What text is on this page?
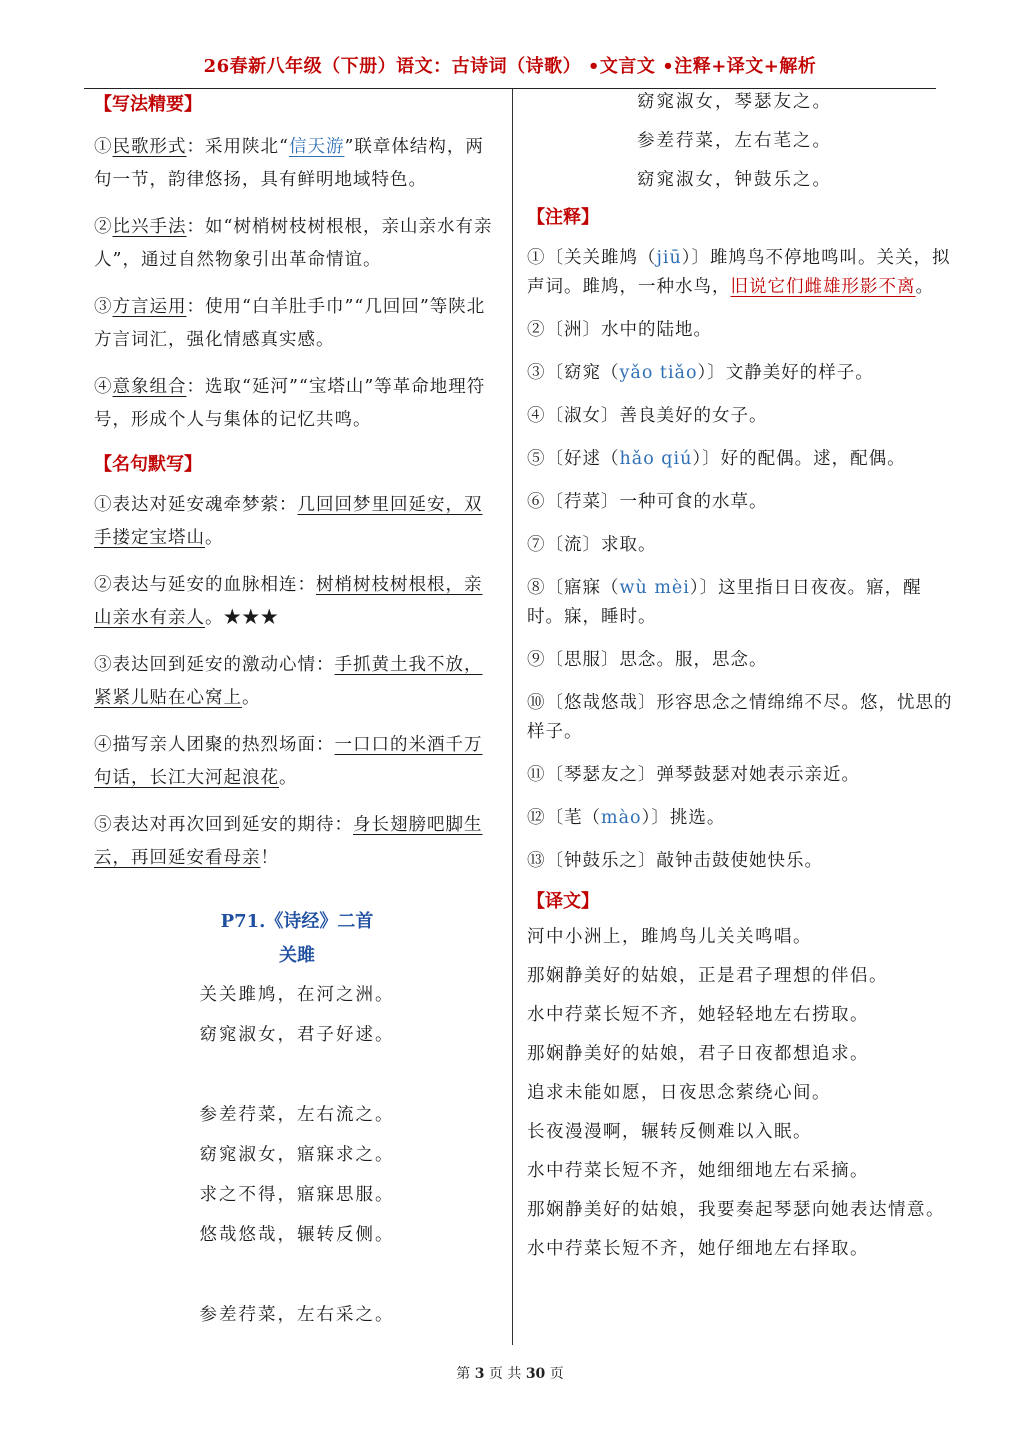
26春新八年级（下册）语文：古诗词（诗歌） •文言文 •注释+译文+解析

【写法精要】

①民歌形式：采用陕北“信天游”联章体结构，两句一节，韵律悠扬，具有鲜明地域特色。

②比兴手法：如“树梢树枝树根根，亲山亲水有亲人”，通过自然物象引出革命情谊。

③方言运用：使用“白羊肚手巾”“几回回”等陕北方言词汇，强化情感真实感。

④意象组合：选取“延河”“宝塔山”等革命地理符号，形成个人与集体的记忆共鸣。

【名句默写】

①表达对延安魂牵梦萦：几回回梦里回延安，双手搂定宝塔山。

②表达与延安的血脉相连：树梢树枝树根根，亲山亲水有亲人。★★★

③表达回到延安的激动心情：手抓黄土我不放，紧紧儿贴在心窝上。

④描写亲人团聚的热烈场面：一口口的米酒千万句话，长江大河起浪花。

⑤表达对再次回到延安的期待：身长翅膀吧脚生云，再回延安看母亲！

P71.《诗经》二首

关雎

关关雎鸠，在河之洲。

窈窕淑女，君子好逑。

参差荇菜，左右流之。

窈窕淑女，寤寐求之。

求之不得，寤寐思服。

悠哉悠哉，辗转反侧。

参差荇菜，左右采之。

窈窕淑女，琴瑟友之。

参差荇菜，左右芼之。

窈窕淑女，钟鼓乐之。

【注释】

①〔关关雎鸠（jiū）〕雎鸠鸟不停地鸣叫。关关，拟声词。雎鸠，一种水鸟，旧说它们雌雄形影不离。

②〔洲〕水中的陆地。

③〔窈窕（yǎo tiǎo）〕文静美好的样子。

④〔淑女〕善良美好的女子。

⑤〔好逑（hǎo qiú）〕好的配偶。逑，配偶。

⑥〔荇菜〕一种可食的水草。

⑦〔流〕求取。

⑧〔寤寐（wù mèi）〕这里指日日夜夜。寤，醒时。寐，睡时。

⑨〔思服〕思念。服，思念。

⑩〔悠哉悠哉〕形容思念之情绵绵不尽。悠，忧思的样子。

⑪〔琴瑟友之〕弹琴鼓瑟对她表示亲近。

⑫〔芼（mào）〕挑选。

⑬〔钟鼓乐之〕敲钟击鼓使她快乐。

【译文】

河中小洲上，雎鸠鸟儿关关鸣唱。

那娴静美好的姑娘，正是君子理想的伴侣。

水中荇菜长短不齐，她轻轻地左右捞取。

那娴静美好的姑娘，君子日夜都想追求。

追求未能如愿，日夜思念萦绕心间。

长夜漫漫啊，辗转反侧难以入眠。

水中荇菜长短不齐，她细细地左右采摘。

那娴静美好的姑娘，我要奏起琴瑟向她表达情意。

水中荇菜长短不齐，她仔细地左右择取。

第 3 页 共 30 页
